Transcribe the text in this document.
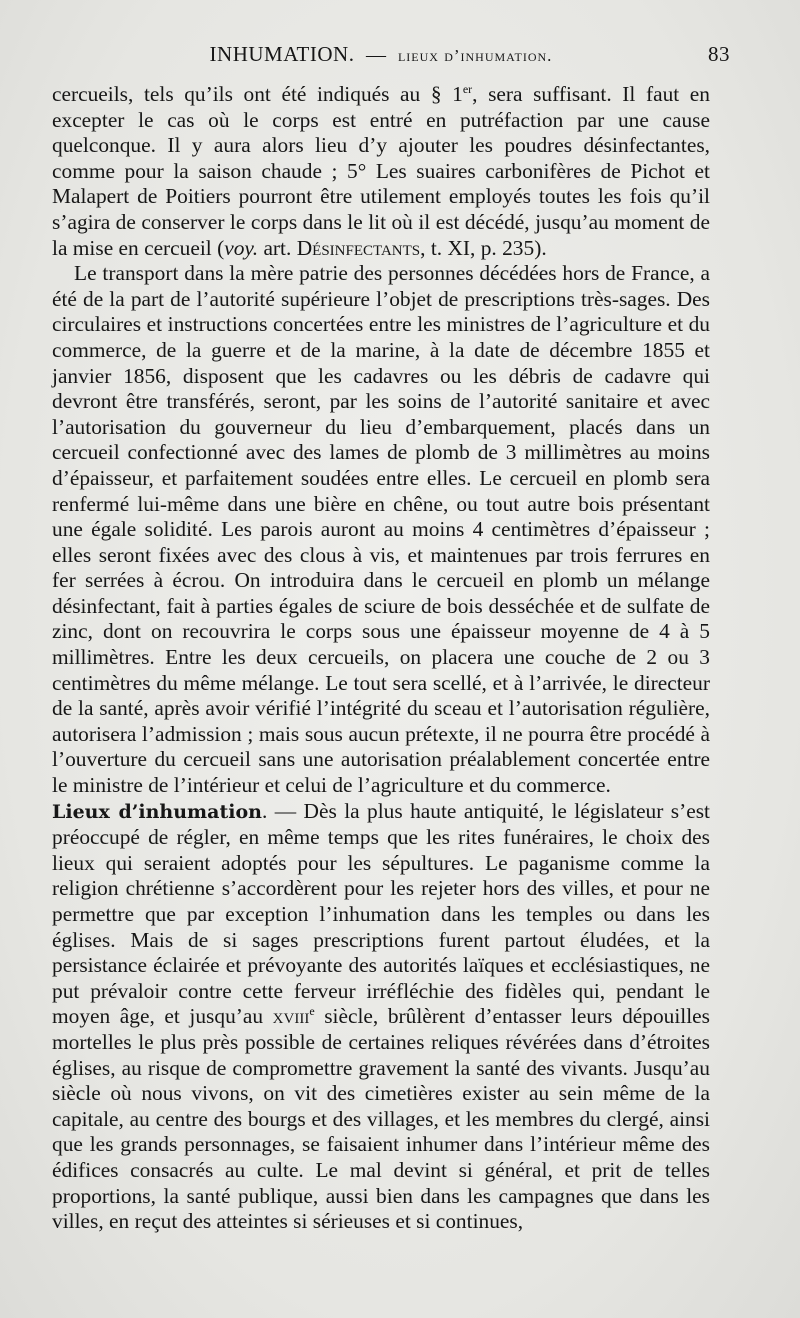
INHUMATION. — lieux d’inhumation.	83

cercueils, tels qu’ils ont été indiqués au § 1er, sera suffisant. Il faut en excepter le cas où le corps est entré en putréfaction par une cause quelconque. Il y aura alors lieu d’y ajouter les poudres désinfectantes, comme pour la saison chaude ; 5° Les suaires carbonifères de Pichot et Malapert de Poitiers pourront être utilement employés toutes les fois qu’il s’agira de conserver le corps dans le lit où il est décédé, jusqu’au moment de la mise en cercueil (voy. art. Désinfectants, t. XI, p. 235).

Le transport dans la mère patrie des personnes décédées hors de France, a été de la part de l’autorité supérieure l’objet de prescriptions très-sages. Des circulaires et instructions concertées entre les ministres de l’agriculture et du commerce, de la guerre et de la marine, à la date de décembre 1855 et janvier 1856, disposent que les cadavres ou les débris de cadavre qui devront être transférés, seront, par les soins de l’autorité sanitaire et avec l’autorisation du gouverneur du lieu d’embarquement, placés dans un cercueil confectionné avec des lames de plomb de 3 millimètres au moins d’épaisseur, et parfaitement soudées entre elles. Le cercueil en plomb sera renfermé lui-même dans une bière en chêne, ou tout autre bois présentant une égale solidité. Les parois auront au moins 4 centimètres d’épaisseur ; elles seront fixées avec des clous à vis, et maintenues par trois ferrures en fer serrées à écrou. On introduira dans le cercueil en plomb un mélange désinfectant, fait à parties égales de sciure de bois desséchée et de sulfate de zinc, dont on recouvrira le corps sous une épaisseur moyenne de 4 à 5 millimètres. Entre les deux cercueils, on placera une couche de 2 ou 3 centimètres du même mélange. Le tout sera scellé, et à l’arrivée, le directeur de la santé, après avoir vérifié l’intégrité du sceau et l’autorisation régulière, autorisera l’admission ; mais sous aucun prétexte, il ne pourra être procédé à l’ouverture du cercueil sans une autorisation préalablement concertée entre le ministre de l’intérieur et celui de l’agriculture et du commerce.

Lieux d’inhumation. — Dès la plus haute antiquité, le législateur s’est préoccupé de régler, en même temps que les rites funéraires, le choix des lieux qui seraient adoptés pour les sépultures. Le paganisme comme la religion chrétienne s’accordèrent pour les rejeter hors des villes, et pour ne permettre que par exception l’inhumation dans les temples ou dans les églises. Mais de si sages prescriptions furent partout éludées, et la persistance éclairée et prévoyante des autorités laïques et ecclésiastiques, ne put prévaloir contre cette ferveur irréfléchie des fidèles qui, pendant le moyen âge, et jusqu’au xviii$^e$ siècle, brûlèrent d’entasser leurs dépouilles mortelles le plus près possible de certaines reliques révérées dans d’étroites églises, au risque de compromettre gravement la santé des vivants. Jusqu’au siècle où nous vivons, on vit des cimetières exister au sein même de la capitale, au centre des bourgs et des villages, et les membres du clergé, ainsi que les grands personnages, se faisaient inhumer dans l’intérieur même des édifices consacrés au culte. Le mal devint si général, et prit de telles proportions, la santé publique, aussi bien dans les campagnes que dans les villes, en reçut des atteintes si sérieuses et si continues,
